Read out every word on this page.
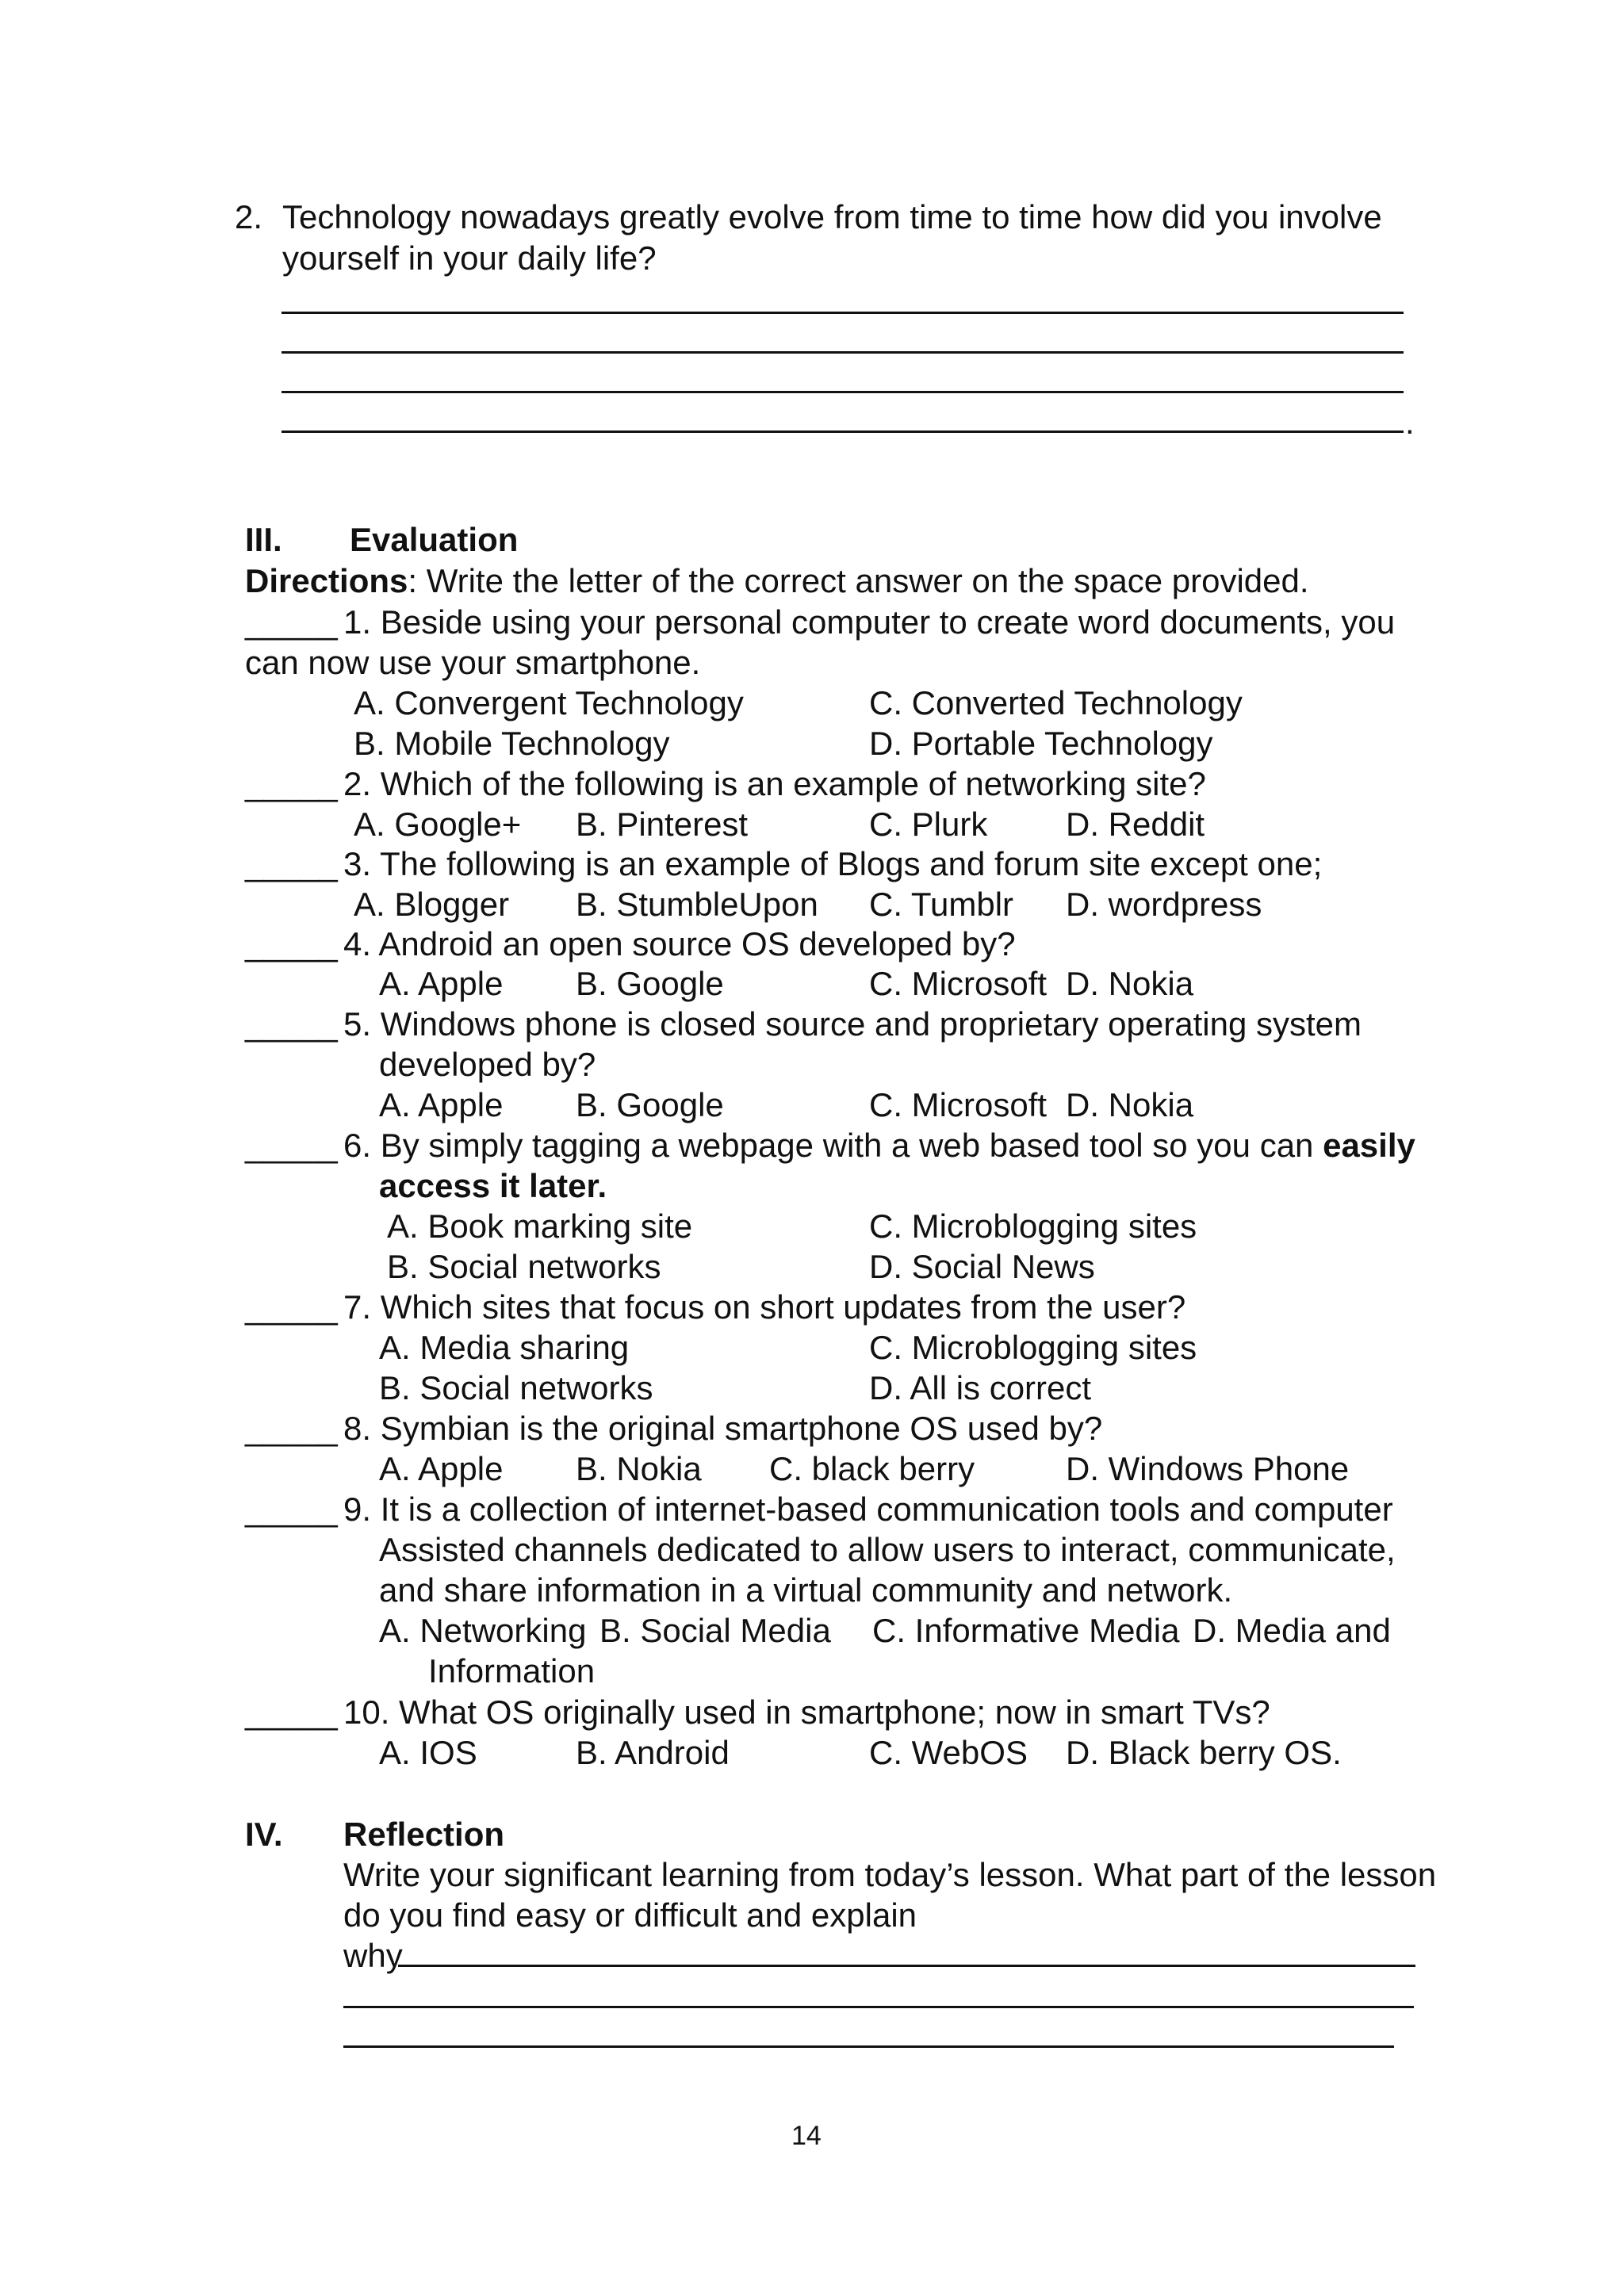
2. Technology nowadays greatly evolve from time to time how did you involve
yourself in your daily life?
.
III. Evaluation
Directions: Write the letter of the correct answer on the space provided.
_____ 1. Beside using your personal computer to create word documents, you
can now use your smartphone.
A. Convergent Technology	C. Converted Technology
B. Mobile Technology	D. Portable Technology
_____ 2. Which of the following is an example of networking site?
A. Google+ B. Pinterest	C. Plurk D. Reddit
_____ 3. The following is an example of Blogs and forum site except one;
A. Blogger B. StumbleUpon C. Tumblr D. wordpress
_____ 4. Android an open source OS developed by?
A. Apple B. Google	C. Microsoft D. Nokia
_____ 5. Windows phone is closed source and proprietary operating system
developed by?
A. Apple B. Google	C. Microsoft D. Nokia
_____ 6. By simply tagging a webpage with a web based tool so you can easily
access it later.
A. Book marking site	C. Microblogging sites
B. Social networks	D. Social News
_____ 7. Which sites that focus on short updates from the user?
A. Media sharing	C. Microblogging sites
B. Social networks	D. All is correct
_____ 8. Symbian is the original smartphone OS used by?
A. Apple B. Nokia C. black berry	D. Windows Phone
_____ 9. It is a collection of internet-based communication tools and computer
Assisted channels dedicated to allow users to interact, communicate,
and share information in a virtual community and network.
A. Networking B. Social Media C. Informative Media D. Media and
Information
_____ 10. What OS originally used in smartphone; now in smart TVs?
A. IOS	B. Android	C. WebOS D. Black berry OS.
IV. Reflection
Write your significant learning from today’s lesson. What part of the lesson
do you find easy or difficult and explain
why
14
